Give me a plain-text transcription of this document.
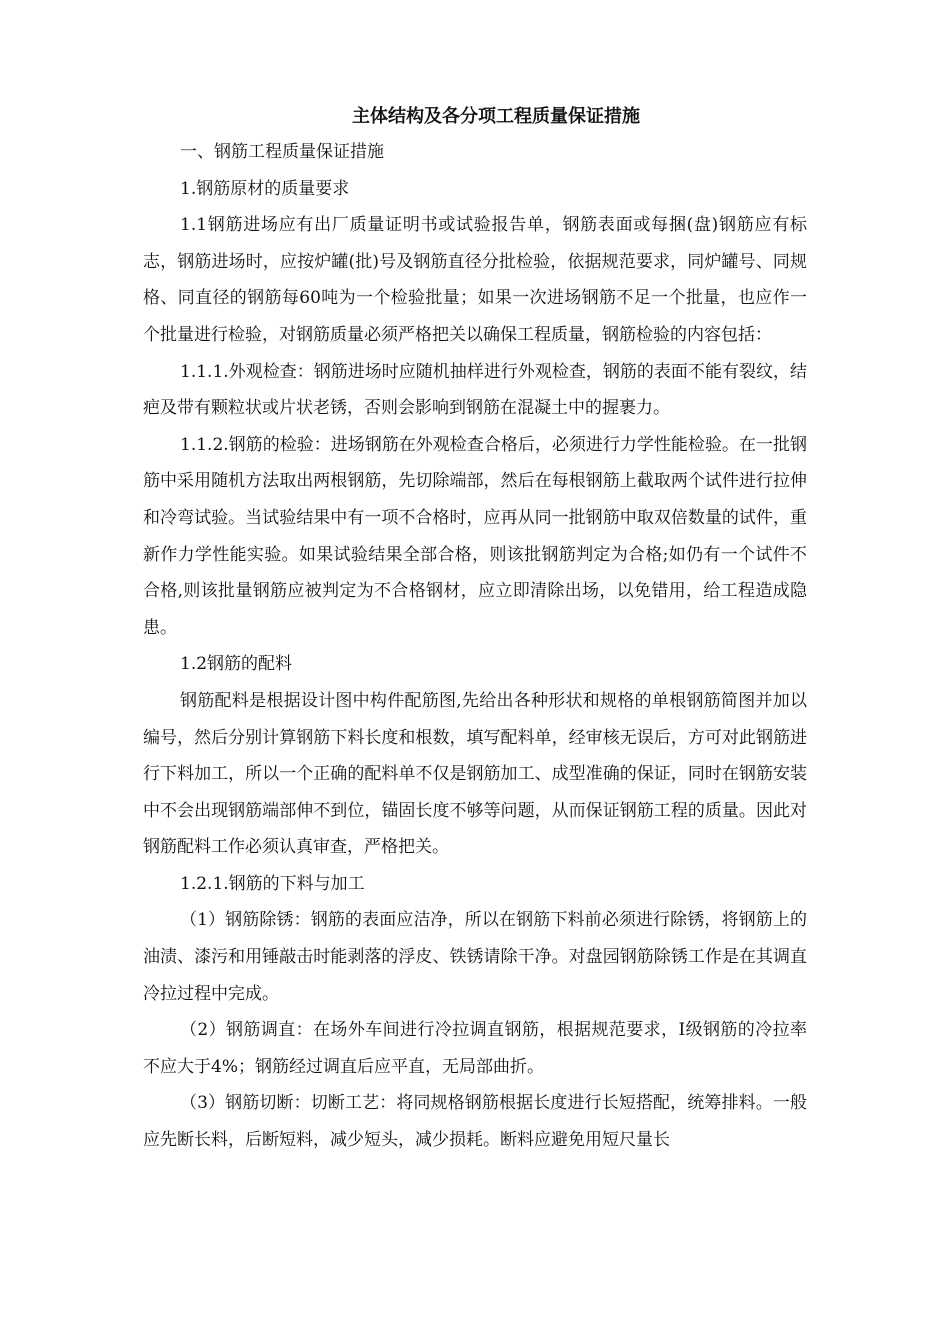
主体结构及各分项工程质量保证措施

一、钢筋工程质量保证措施

1.钢筋原材的质量要求

1.1钢筋进场应有出厂质量证明书或试验报告单，钢筋表面或每捆(盘)钢筋应有标志，钢筋进场时，应按炉罐(批)号及钢筋直径分批检验，依据规范要求，同炉罐号、同规格、同直径的钢筋每60吨为一个检验批量；如果一次进场钢筋不足一个批量，也应作一个批量进行检验，对钢筋质量必须严格把关以确保工程质量，钢筋检验的内容包括：

1.1.1.外观检查：钢筋进场时应随机抽样进行外观检查，钢筋的表面不能有裂纹，结疤及带有颗粒状或片状老锈，否则会影响到钢筋在混凝土中的握裹力。

1.1.2.钢筋的检验：进场钢筋在外观检查合格后，必须进行力学性能检验。在一批钢筋中采用随机方法取出两根钢筋，先切除端部，然后在每根钢筋上截取两个试件进行拉伸和冷弯试验。当试验结果中有一项不合格时，应再从同一批钢筋中取双倍数量的试件，重新作力学性能实验。如果试验结果全部合格，则该批钢筋判定为合格;如仍有一个试件不合格,则该批量钢筋应被判定为不合格钢材，应立即清除出场，以免错用，给工程造成隐患。

1.2钢筋的配料

钢筋配料是根据设计图中构件配筋图,先给出各种形状和规格的单根钢筋简图并加以编号，然后分别计算钢筋下料长度和根数，填写配料单，经审核无误后，方可对此钢筋进行下料加工，所以一个正确的配料单不仅是钢筋加工、成型准确的保证，同时在钢筋安装中不会出现钢筋端部伸不到位，锚固长度不够等问题，从而保证钢筋工程的质量。因此对钢筋配料工作必须认真审查，严格把关。

1.2.1.钢筋的下料与加工

（1）钢筋除锈：钢筋的表面应洁净，所以在钢筋下料前必须进行除锈，将钢筋上的油渍、漆污和用锤敲击时能剥落的浮皮、铁锈请除干净。对盘园钢筋除锈工作是在其调直冷拉过程中完成。

（2）钢筋调直：在场外车间进行冷拉调直钢筋，根据规范要求，Ⅰ级钢筋的冷拉率不应大于4%；钢筋经过调直后应平直，无局部曲折。

（3）钢筋切断：切断工艺：将同规格钢筋根据长度进行长短搭配，统筹排料。一般应先断长料，后断短料，减少短头，减少损耗。断料应避免用短尺量长
